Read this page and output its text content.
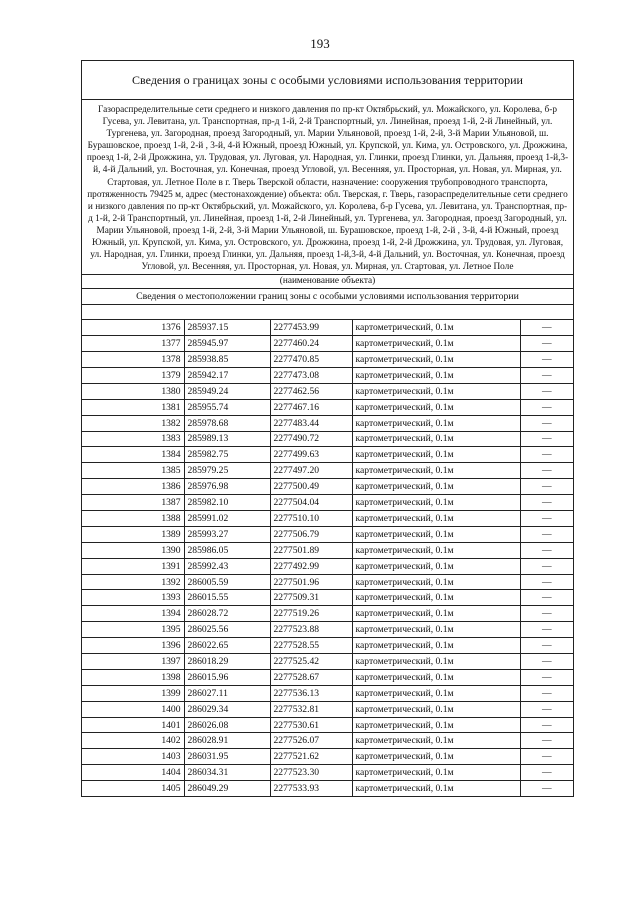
193
Сведения о границах зоны с особыми условиями использования территории
Газораспределительные сети среднего и низкого давления по пр-кт Октябрьский, ул. Можайского, ул. Королева, б-р Гусева, ул. Левитана, ул. Транспортная, пр-д 1-й, 2-й Транспортный, ул. Линейная, проезд 1-й, 2-й Линейный, ул. Тургенева, ул. Загородная, проезд Загородный, ул. Марии Ульяновой, проезд 1-й, 2-й, 3-й Марии Ульяновой, ш. Бурашовское, проезд 1-й, 2-й , 3-й, 4-й Южный, проезд Южный, ул. Крупской, ул. Кима, ул. Островского, ул. Дрожжина, проезд 1-й, 2-й Дрожжина, ул. Трудовая, ул. Луговая, ул. Народная, ул. Глинки, проезд Глинки, ул. Дальняя, проезд 1-й,3-й, 4-й Дальний, ул. Восточная, ул. Конечная, проезд Угловой, ул. Весенняя, ул. Просторная, ул. Новая, ул. Мирная, ул. Стартовая, ул. Летное Поле в г. Тверь Тверской области, назначение: сооружения трубопроводного транспорта, протяженность 79425 м, адрес (местонахождение) объекта: обл. Тверская, г. Тверь, газораспределительные сети среднего и низкого давления по пр-кт Октябрьский, ул. Можайского, ул. Королева, б-р Гусева, ул. Левитана, ул. Транспортная, пр-д 1-й, 2-й Транспортный, ул. Линейная, проезд 1-й, 2-й Линейный, ул. Тургенева, ул. Загородная, проезд Загородный, ул. Марии Ульяновой, проезд 1-й, 2-й, 3-й Марии Ульяновой, ш. Бурашовское, проезд 1-й, 2-й , 3-й, 4-й Южный, проезд Южный, ул. Крупской, ул. Кима, ул. Островского, ул. Дрожжина, проезд 1-й, 2-й Дрожжина, ул. Трудовая, ул. Луговая, ул. Народная, ул. Глинки, проезд Глинки, ул. Дальняя, проезд 1-й,3-й, 4-й Дальний, ул. Восточная, ул. Конечная, проезд Угловой, ул. Весенняя, ул. Просторная, ул. Новая, ул. Мирная, ул. Стартовая, ул. Летное Поле
(наименование объекта)
Сведения о местоположении границ зоны с особыми условиями использования территории
1376	285937.15	2277453.99	картометрический, 0.1м	—
1377	285945.97	2277460.24	картометрический, 0.1м	—
1378	285938.85	2277470.85	картометрический, 0.1м	—
1379	285942.17	2277473.08	картометрический, 0.1м	—
1380	285949.24	2277462.56	картометрический, 0.1м	—
1381	285955.74	2277467.16	картометрический, 0.1м	—
1382	285978.68	2277483.44	картометрический, 0.1м	—
1383	285989.13	2277490.72	картометрический, 0.1м	—
1384	285982.75	2277499.63	картометрический, 0.1м	—
1385	285979.25	2277497.20	картометрический, 0.1м	—
1386	285976.98	2277500.49	картометрический, 0.1м	—
1387	285982.10	2277504.04	картометрический, 0.1м	—
1388	285991.02	2277510.10	картометрический, 0.1м	—
1389	285993.27	2277506.79	картометрический, 0.1м	—
1390	285986.05	2277501.89	картометрический, 0.1м	—
1391	285992.43	2277492.99	картометрический, 0.1м	—
1392	286005.59	2277501.96	картометрический, 0.1м	—
1393	286015.55	2277509.31	картометрический, 0.1м	—
1394	286028.72	2277519.26	картометрический, 0.1м	—
1395	286025.56	2277523.88	картометрический, 0.1м	—
1396	286022.65	2277528.55	картометрический, 0.1м	—
1397	286018.29	2277525.42	картометрический, 0.1м	—
1398	286015.96	2277528.67	картометрический, 0.1м	—
1399	286027.11	2277536.13	картометрический, 0.1м	—
1400	286029.34	2277532.81	картометрический, 0.1м	—
1401	286026.08	2277530.61	картометрический, 0.1м	—
1402	286028.91	2277526.07	картометрический, 0.1м	—
1403	286031.95	2277521.62	картометрический, 0.1м	—
1404	286034.31	2277523.30	картометрический, 0.1м	—
1405	286049.29	2277533.93	картометрический, 0.1м	—
